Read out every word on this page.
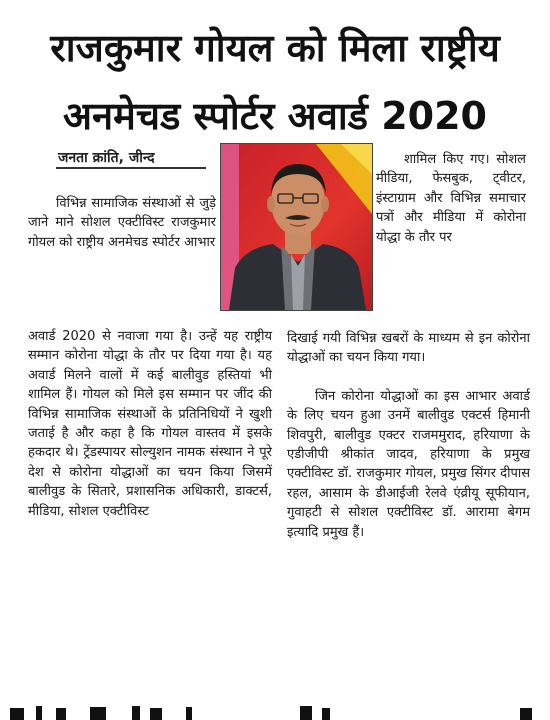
राजकुमार गोयल को मिला राष्ट्रीय
अनमेचड स्पोर्टर अवार्ड 2020
जनता क्रांति, जीन्द

विभिन्न सामाजिक संस्थाओं से जुड़े जाने माने सोशल एक्टीविस्ट राजकुमार गोयल को राष्ट्रीय अनमेचड स्पोर्टर आभार

अवार्ड 2020 से नवाजा गया है। उन्हें यह राष्ट्रीय सम्मान कोरोना योद्धा के तौर पर दिया गया है। यह अवार्ड मिलने वालों में कई बालीवुड हस्तियां भी शामिल हैं। गोयल को मिले इस सम्मान पर जींद की विभिन्न सामाजिक संस्थाओं के प्रतिनिधियों ने खुशी जताई है और कहा है कि गोयल वास्तव में इसके हकदार थे। ट्रेंडस्पायर सोल्युशन नामक संस्थान ने पूरे देश से कोरोना योद्धाओं का चयन किया जिसमें बालीवुड के सितारे, प्रशासनिक अधिकारी, डाक्टर्स, मीडिया, सोशल एक्टीविस्ट

शामिल किए गए। सोशल मीडिया, फेसबुक, ट्वीटर, इंस्टाग्राम और विभिन्न समाचार पत्रों और मीडिया में कोरोना योद्धा के तौर पर

दिखाई गयी विभिन्न खबरों के माध्यम से इन कोरोना योद्धाओं का चयन किया गया।

जिन कोरोना योद्धाओं का इस आभार अवार्ड के लिए चयन हुआ उनमें बालीवुड एक्टर्स हिमानी शिवपुरी, बालीवुड एक्टर राजममुराद, हरियाणा के एडीजीपी श्रीकांत जादव, हरियाणा के प्रमुख एक्टीविस्ट डॉ. राजकुमार गोयल, प्रमुख सिंगर दीपास रहल, आसाम के डीआईजी रेलवे एंव्रीयू सूफीयान, गुवाहटी से सोशल एक्टीविस्ट डॉ. आरामा बेगम इत्यादि प्रमुख हैं।
